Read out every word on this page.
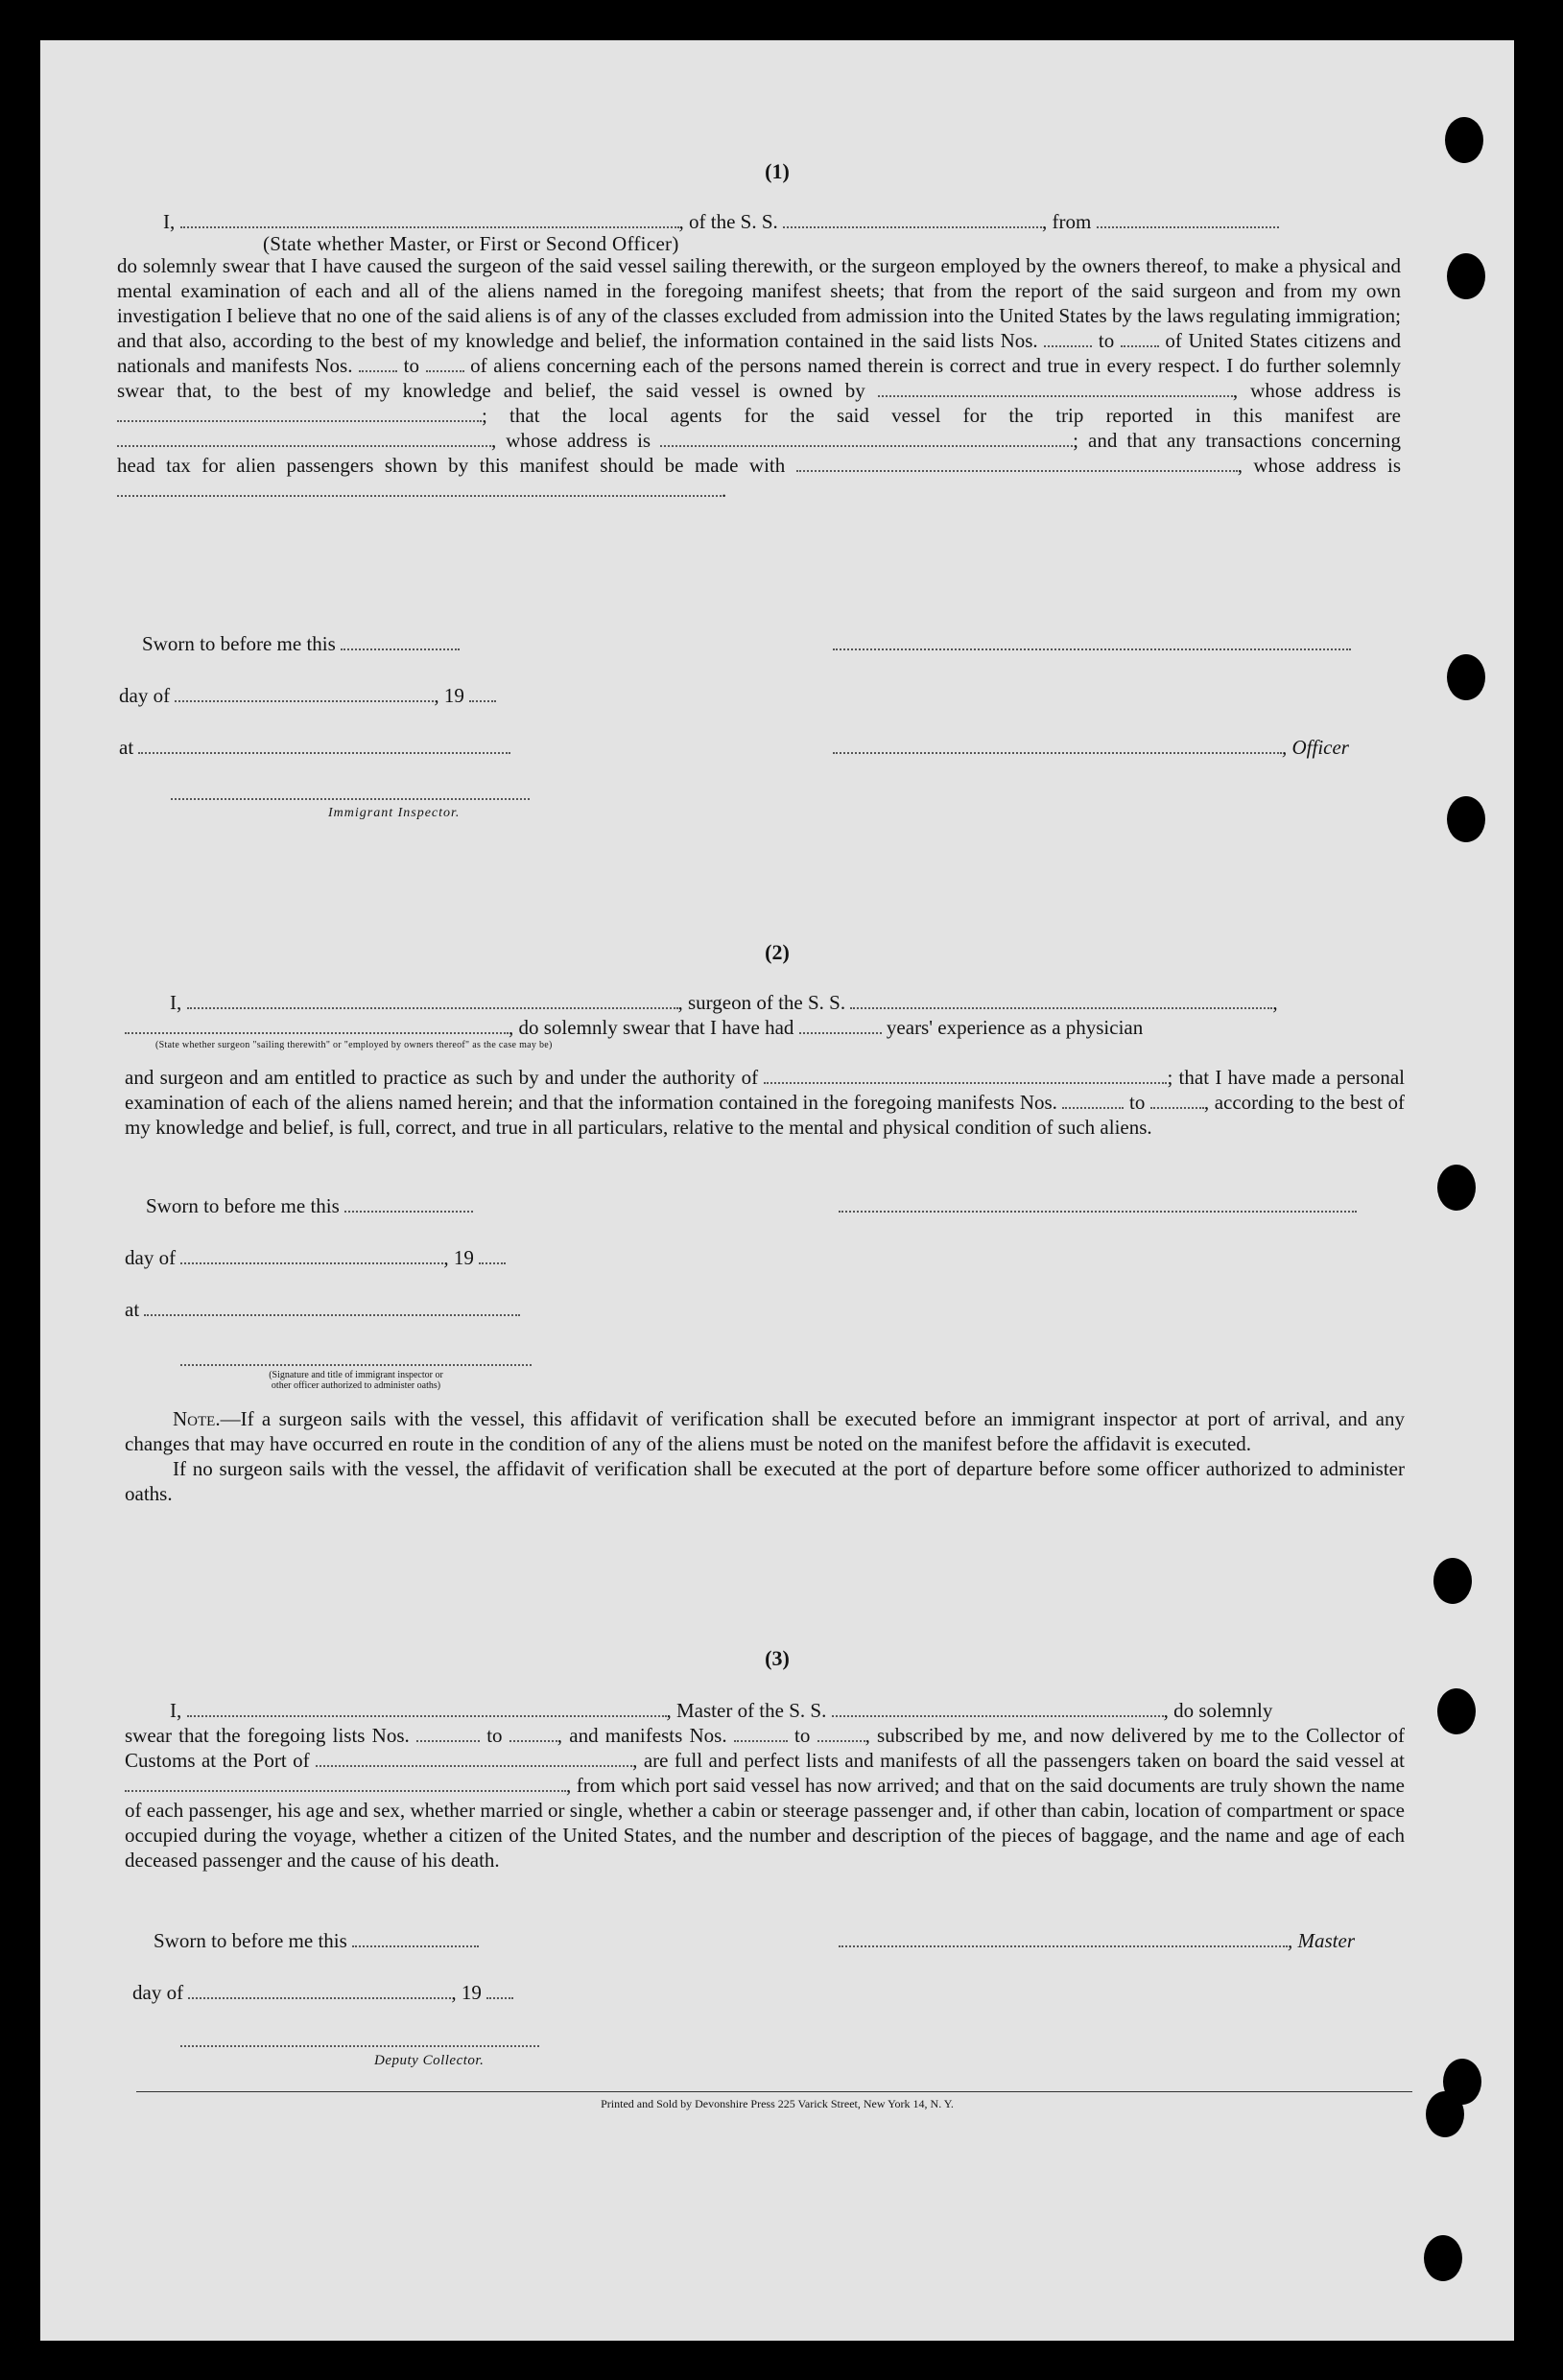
(1)

I,	, of the S. S.	, from
(State whether Master, or First or Second Officer)

do solemnly swear that I have caused the surgeon of the said vessel sailing therewith, or the surgeon employed by the owners thereof, to make a physical and mental examination of each and all of the aliens named in the foregoing manifest sheets; that from the report of the said surgeon and from my own investigation I believe that no one of the said aliens is of any of the classes excluded from admission into the United States by the laws regulating immigration; and that also, according to the best of my knowledge and belief, the information contained in the said lists Nos.	to	of United States citizens and nationals and manifests Nos.	to	of aliens concerning each of the persons named therein is correct and true in every respect. I do further solemnly swear that, to the best of my knowledge and belief, the said vessel is owned by	, whose address is ; that the local agents for the said vessel for the trip reported in this manifest are , whose address is	; and that any transactions concerning head tax for alien passengers shown by this manifest should be made with	, whose address is .

Sworn to before me this
day of	, 19
at	, Officer
Immigrant Inspector.

(2)

I,	, surgeon of the S. S.	,
, do solemnly swear that I have had	years' experience as a physician
(State whether surgeon "sailing therewith" or "employed by owners thereof" as the case may be)

and surgeon and am entitled to practice as such by and under the authority of	; that I have made a personal examination of each of the aliens named herein; and that the information contained in the foregoing manifests Nos.	to	, according to the best of my knowledge and belief, is full, correct, and true in all particulars, relative to the mental and physical condition of such aliens.

Sworn to before me this
day of	, 19
at
(Signature and title of immigrant inspector or
other officer authorized to administer oaths)

Note.—If a surgeon sails with the vessel, this affidavit of verification shall be executed before an immigrant inspector at port of arrival, and any changes that may have occurred en route in the condition of any of the aliens must be noted on the manifest before the affidavit is executed.

If no surgeon sails with the vessel, the affidavit of verification shall be executed at the port of departure before some officer authorized to administer oaths.

(3)

I,	, Master of the S. S.	, do solemnly

swear that the foregoing lists Nos.	to	, and manifests Nos.	to	, subscribed by me, and now delivered by me to the Collector of Customs at the Port of	, are full and perfect lists and manifests of all the passengers taken on board the said vessel at , from which port said vessel has now arrived; and that on the said documents are truly shown the name of each passenger, his age and sex, whether married or single, whether a cabin or steerage passenger and, if other than cabin, location of compartment or space occupied during the voyage, whether a citizen of the United States, and the number and description of the pieces of baggage, and the name and age of each deceased passenger and the cause of his death.

Sworn to before me this	, Master
day of	, 19
Deputy Collector.
Printed and Sold by Devonshire Press 225 Varick Street, New York 14, N. Y.
